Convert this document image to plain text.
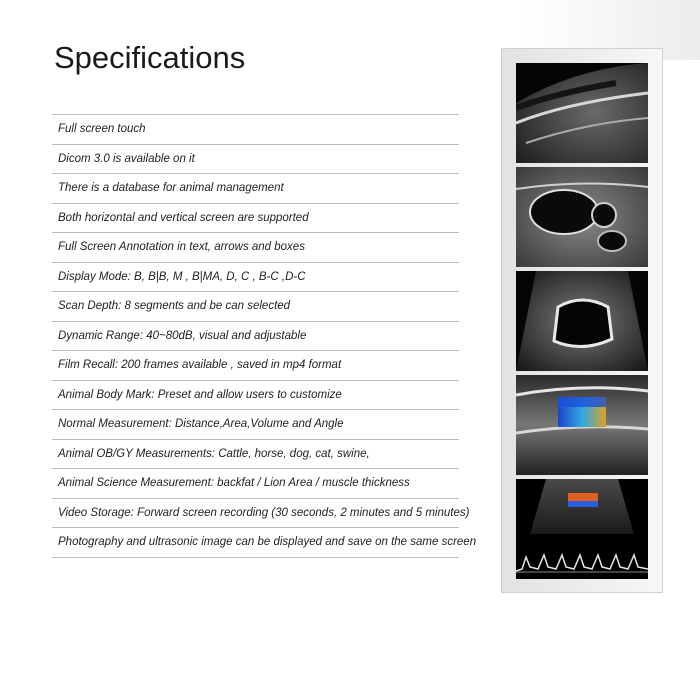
Specifications
Full screen touch
Dicom 3.0 is available on it
There is a database for animal management
Both horizontal and vertical screen are supported
Full Screen Annotation in text, arrows and boxes
Display Mode: B, B|B, M , B|MA, D, C , B-C ,D-C
Scan Depth: 8 segments and be can selected
Dynamic Range: 40~80dB, visual and adjustable
Film Recall: 200 frames available , saved in mp4 format
Animal Body Mark: Preset and allow users to customize
Normal Measurement: Distance,Area,Volume and Angle
Animal OB/GY Measurements: Cattle, horse, dog, cat, swine,
Animal Science Measurement: backfat / Lion Area / muscle thickness
Video Storage: Forward screen recording (30 seconds, 2 minutes and 5 minutes)
Photography and ultrasonic image can be displayed and save on the same screen
